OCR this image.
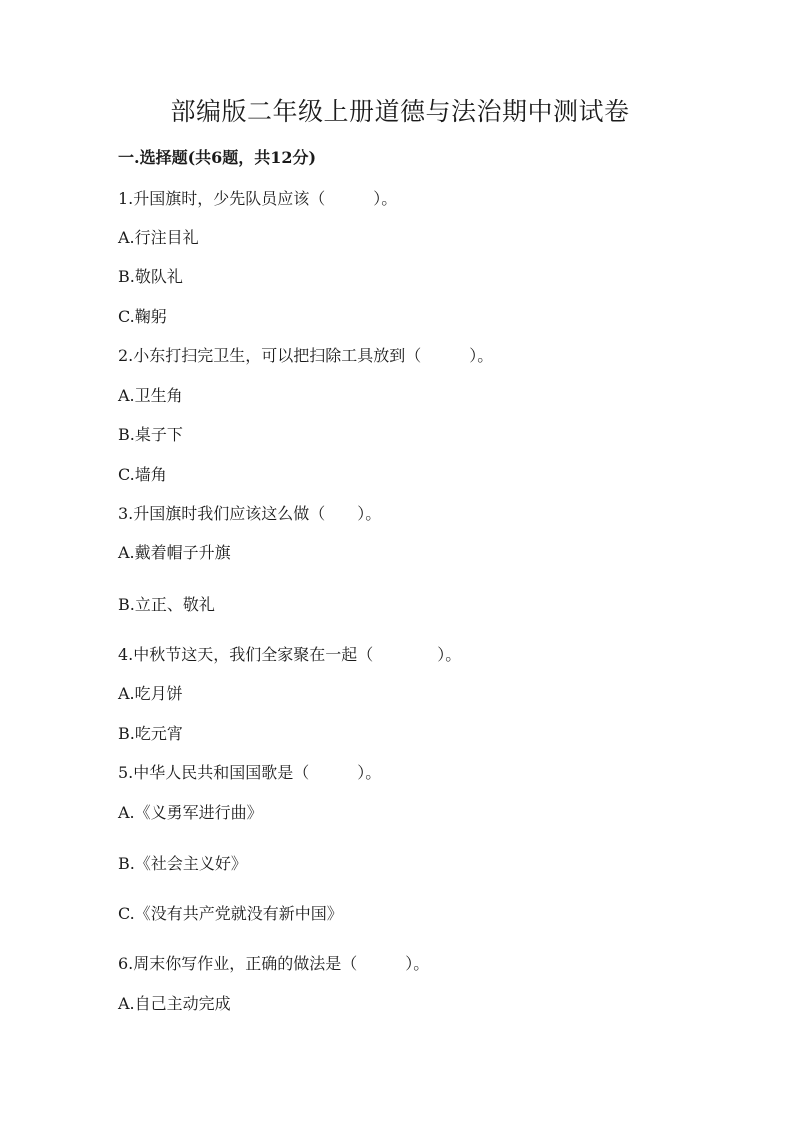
部编版二年级上册道德与法治期中测试卷
一.选择题(共6题，共12分)
1.升国旗时，少先队员应该（　　　）。
A.行注目礼
B.敬队礼
C.鞠躬
2.小东打扫完卫生，可以把扫除工具放到（　　　）。
A.卫生角
B.桌子下
C.墙角
3.升国旗时我们应该这么做（　　）。
A.戴着帽子升旗
B.立正、敬礼
4.中秋节这天，我们全家聚在一起（　　　　）。
A.吃月饼
B.吃元宵
5.中华人民共和国国歌是（　　　）。
A.《义勇军进行曲》
B.《社会主义好》
C.《没有共产党就没有新中国》
6.周末你写作业，正确的做法是（　　　）。
A.自己主动完成
